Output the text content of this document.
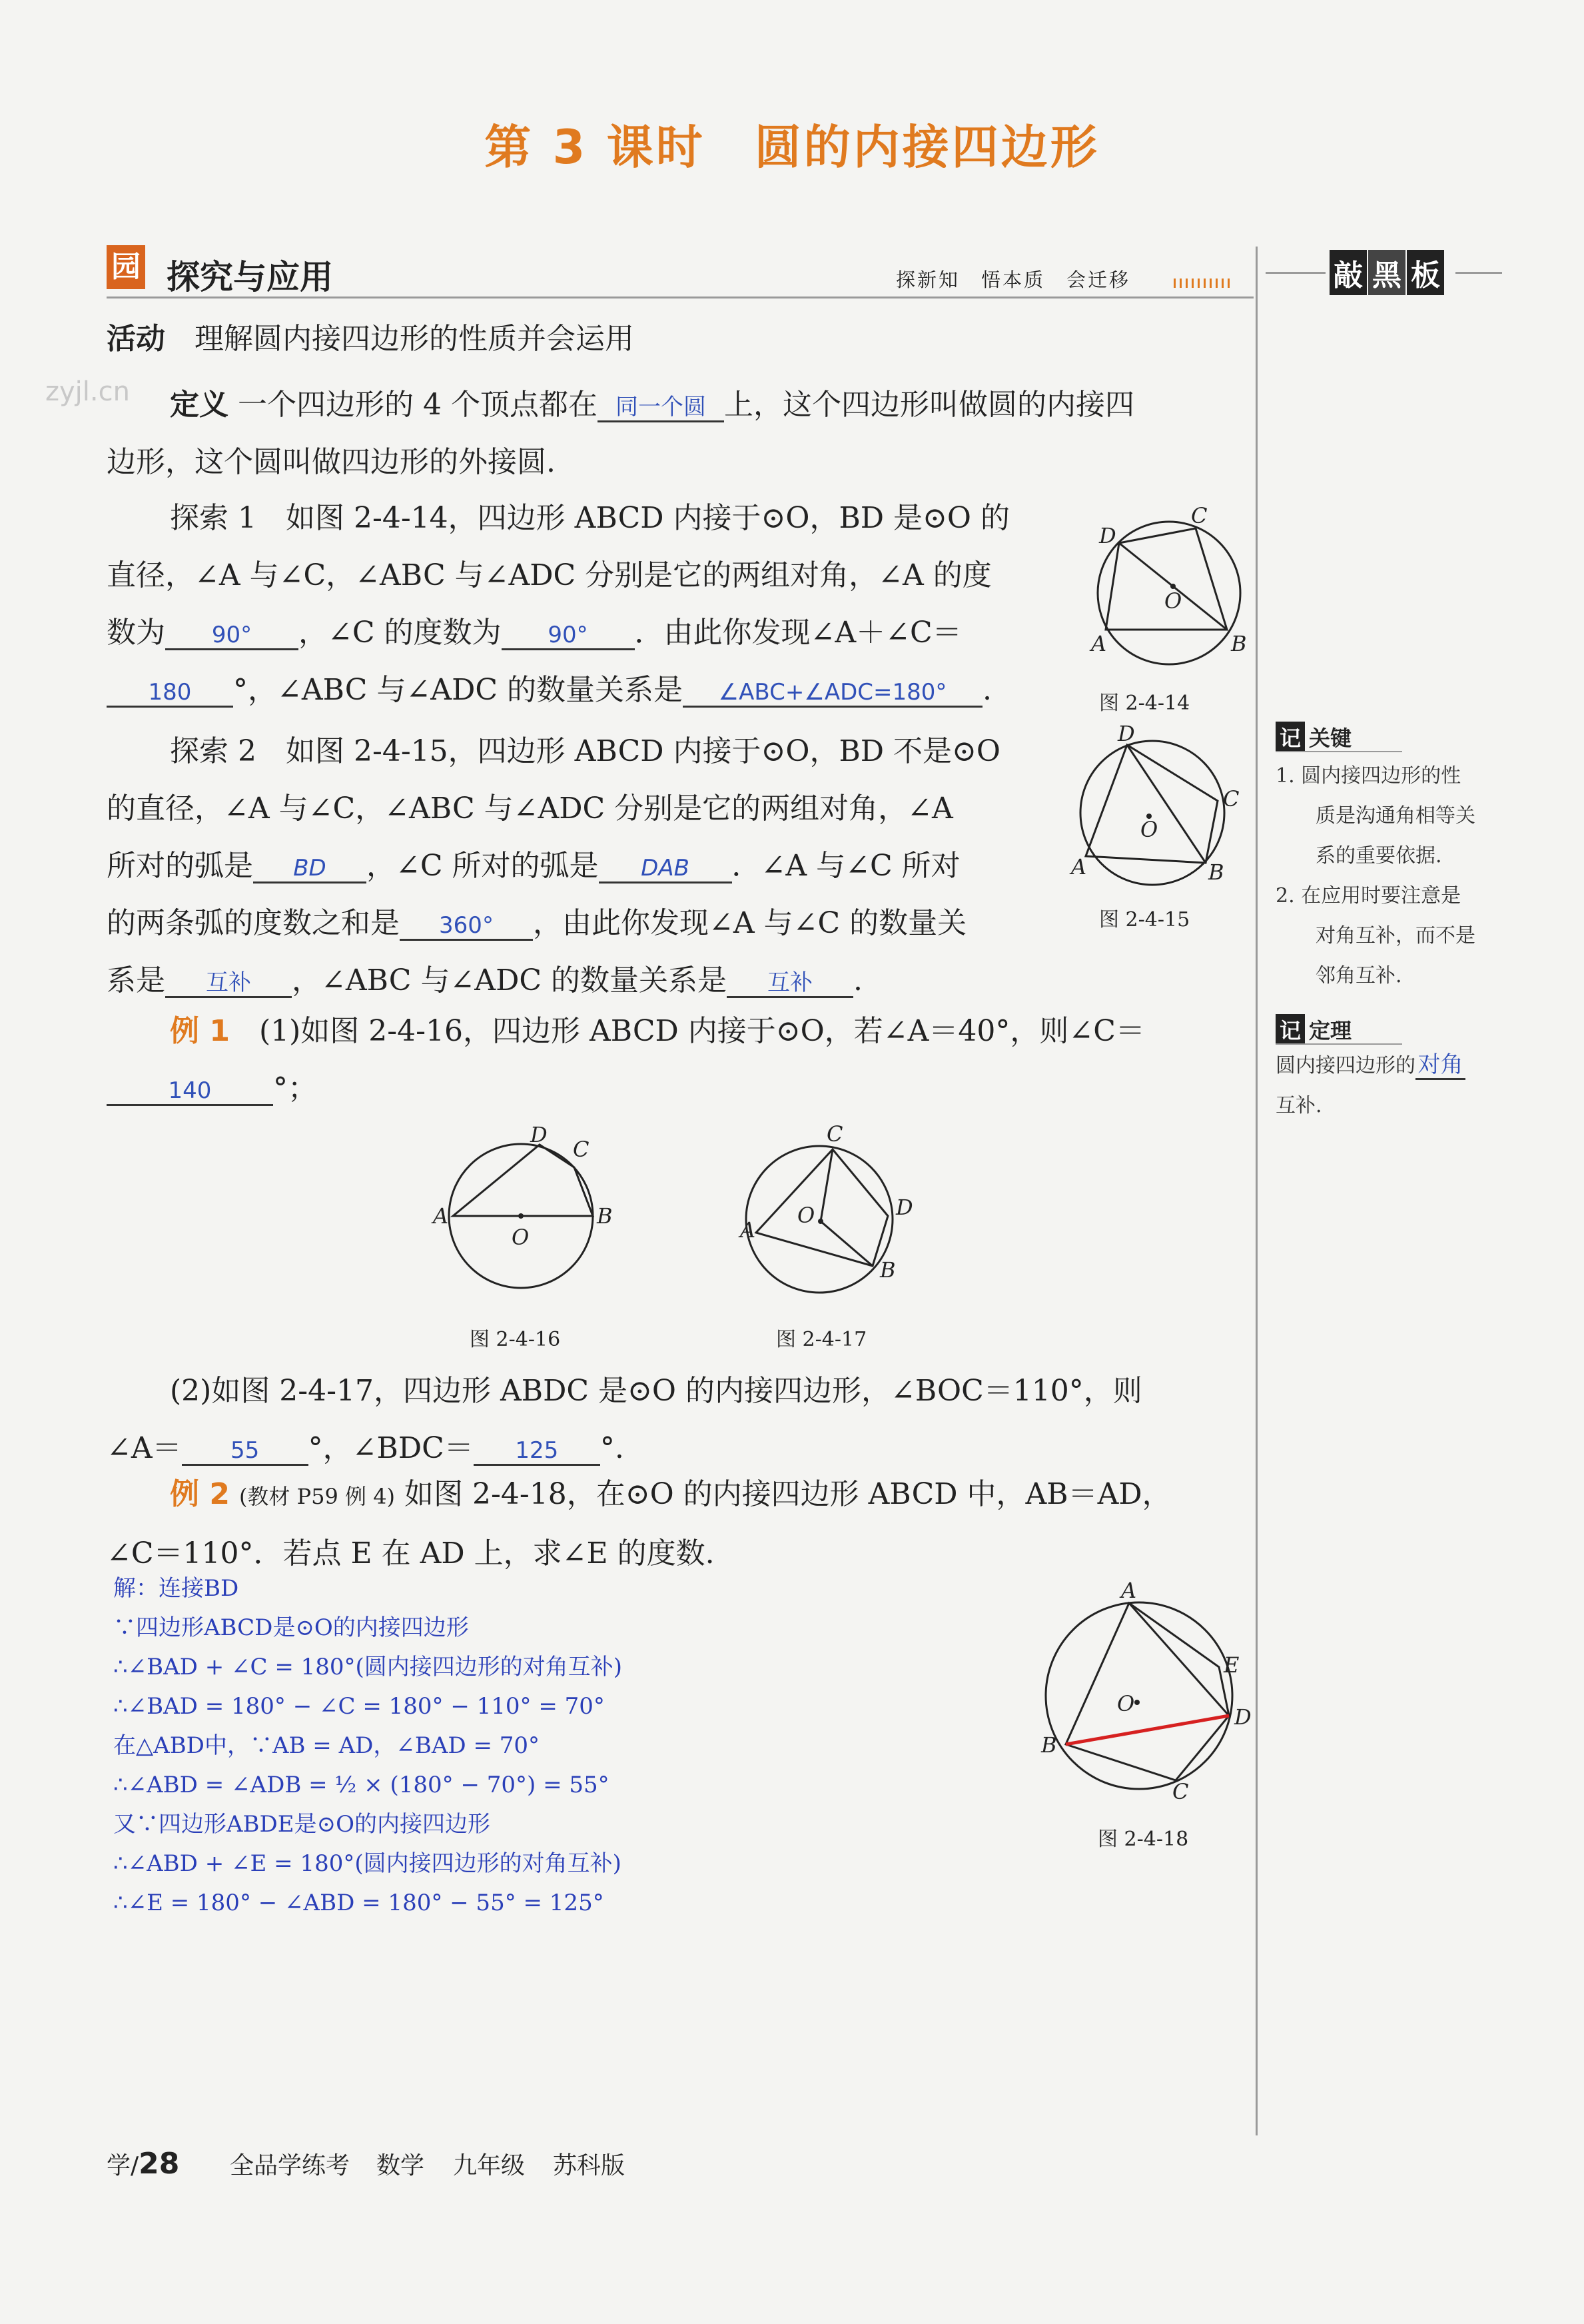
第 3 课时　圆的内接四边形
zyjl.cn
园 探究与应用	探新知　悟本质　会迁移	敲 黑 板
活动　 理解圆内接四边形的性质并会运用
定义 一个四边形的 4 个顶点都在 同一个圆 上，这个四边形叫做圆的内接四
边形，这个圆叫做四边形的外接圆.
探索 1　如图 2-4-14，四边形 ABCD 内接于⊙O，BD 是⊙O 的
直径，∠A 与∠C，∠ABC 与∠ADC 分别是它的两组对角，∠A 的度
数为 90° ，∠C 的度数为 90° ．由此你发现∠A＋∠C＝
180 °，∠ABC 与∠ADC 的数量关系是 ∠ABC+∠ADC=180° .
D
C
O
A	B
图 2-4-14
探索 2　如图 2-4-15，四边形 ABCD 内接于⊙O，BD 不是⊙O
的直径，∠A 与∠C，∠ABC 与∠ADC 分别是它的两组对角，∠A
所对的弧是 BD ，∠C 所对的弧是 DAB ．∠A 与∠C 所对
的两条弧的度数之和是 360° ，由此你发现∠A 与∠C 的数量关
系是 互补 ，∠ABC 与∠ADC 的数量关系是 互补 .
D
C
O
A	B
图 2-4-15
记 关键
1. 圆内接四边形的性
质是沟通角相等关
系的重要依据.
2. 在应用时要注意是
对角互补，而不是
邻角互补.
记 定理
圆内接四边形的 对角
互补.
例 1　 (1)如图 2-4-16，四边形 ABCD 内接于⊙O，若∠A＝40°，则∠C＝
140 °；
D
C
A	B
O
图 2-4-16
C
A
O	D
B
图 2-4-17
(2)如图 2-4-17，四边形 ABDC 是⊙O 的内接四边形，∠BOC＝110°，则
∠A＝ 55 °，∠BDC＝ 125 °.
例 2 (教材 P59 例 4) 如图 2-4-18，在⊙O 的内接四边形 ABCD 中，AB＝AD，
∠C＝110°．若点 E 在 AD 上，求∠E 的度数.
解：连接BD
∵四边形ABCD是⊙O的内接四边形
∴∠BAD + ∠C = 180°(圆内接四边形的对角互补)
∴∠BAD = 180° − ∠C = 180° − 110° = 70°
在△ABD中，∵AB = AD，∠BAD = 70°
∴∠ABD = ∠ADB = ½ × (180° − 70°) = 55°
又∵四边形ABDE是⊙O的内接四边形
∴∠ABD + ∠E = 180°(圆内接四边形的对角互补)
∴∠E = 180° − ∠ABD = 180° − 55° = 125°
A
E
D
C
B
O
图 2-4-18
学/28 全品学练考 数学 九年级 苏科版
